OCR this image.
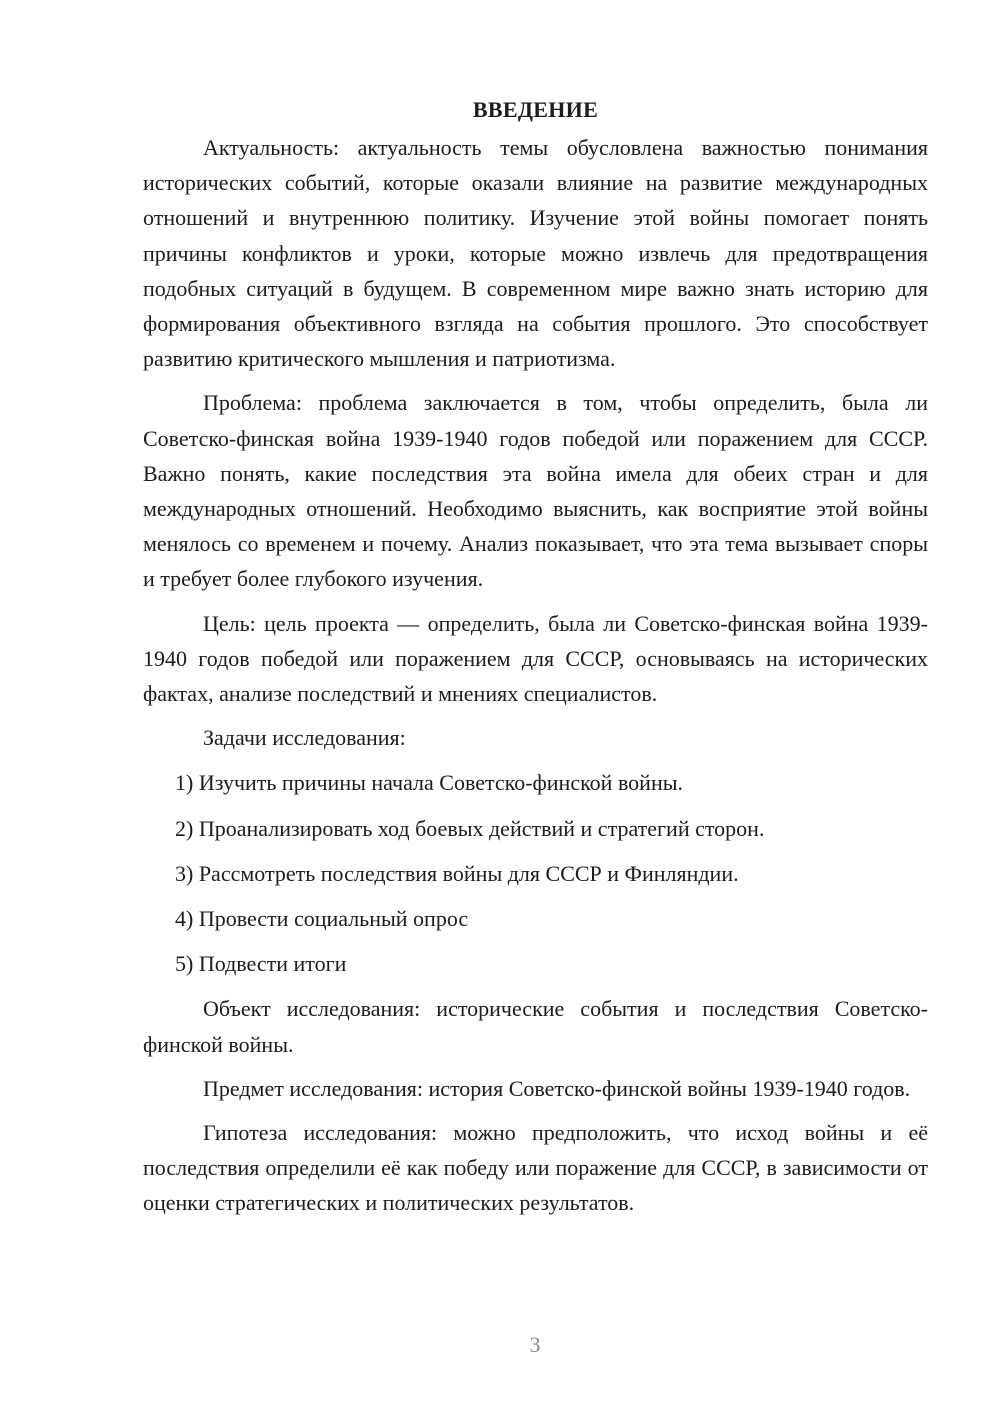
ВВЕДЕНИЕ

Актуальность: актуальность темы обусловлена важностью понимания исторических событий, которые оказали влияние на развитие международных отношений и внутреннюю политику. Изучение этой войны помогает понять причины конфликтов и уроки, которые можно извлечь для предотвращения подобных ситуаций в будущем. В современном мире важно знать историю для формирования объективного взгляда на события прошлого. Это способствует развитию критического мышления и патриотизма.

Проблема: проблема заключается в том, чтобы определить, была ли Советско-финская война 1939-1940 годов победой или поражением для СССР. Важно понять, какие последствия эта война имела для обеих стран и для международных отношений. Необходимо выяснить, как восприятие этой войны менялось со временем и почему. Анализ показывает, что эта тема вызывает споры и требует более глубокого изучения.

Цель: цель проекта — определить, была ли Советско-финская война 1939-1940 годов победой или поражением для СССР, основываясь на исторических фактах, анализе последствий и мнениях специалистов.

Задачи исследования:

1) Изучить причины начала Советско-финской войны.
2) Проанализировать ход боевых действий и стратегий сторон.
3) Рассмотреть последствия войны для СССР и Финляндии.
4) Провести социальный опрос
5) Подвести итоги

Объект исследования: исторические события и последствия Советско-финской войны.

Предмет исследования: история Советско-финской войны 1939-1940 годов.

Гипотеза исследования: можно предположить, что исход войны и её последствия определили её как победу или поражение для СССР, в зависимости от оценки стратегических и политических результатов.

3
